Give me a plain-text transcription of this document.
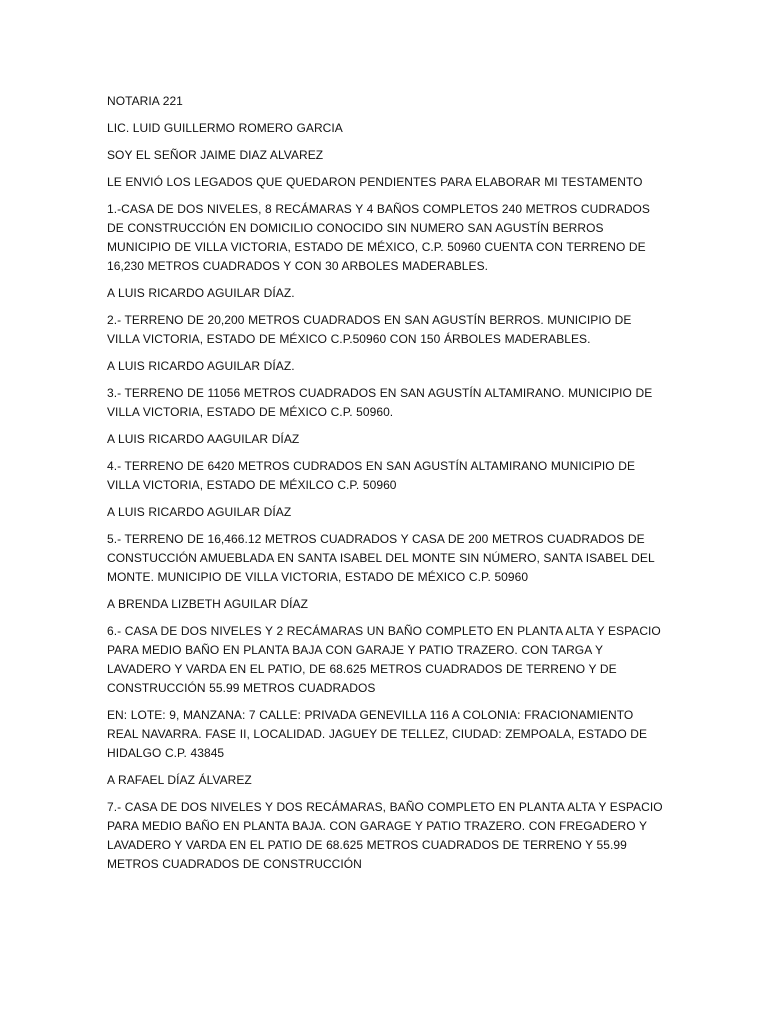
NOTARIA 221

LIC. LUID GUILLERMO ROMERO GARCIA

SOY EL SEÑOR JAIME DIAZ ALVAREZ

LE ENVIÓ LOS LEGADOS QUE QUEDARON PENDIENTES PARA ELABORAR MI TESTAMENTO

1.-CASA DE DOS NIVELES, 8 RECÁMARAS Y 4 BAÑOS COMPLETOS 240 METROS CUDRADOS DE CONSTRUCCIÓN EN DOMICILIO CONOCIDO SIN NUMERO SAN AGUSTÍN BERROS MUNICIPIO DE VILLA VICTORIA, ESTADO DE MÉXICO, C.P. 50960 CUENTA CON TERRENO DE 16,230 METROS CUADRADOS Y CON 30 ARBOLES MADERABLES.

A LUIS RICARDO AGUILAR DÍAZ.

2.- TERRENO DE 20,200 METROS CUADRADOS EN SAN AGUSTÍN BERROS. MUNICIPIO DE VILLA VICTORIA, ESTADO DE MÉXICO C.P.50960 CON 150 ÁRBOLES MADERABLES.

A LUIS RICARDO AGUILAR DÍAZ.

3.- TERRENO DE 11056 METROS CUADRADOS EN SAN AGUSTÍN ALTAMIRANO. MUNICIPIO DE VILLA VICTORIA, ESTADO DE MÉXICO C.P. 50960.

A LUIS RICARDO AAGUILAR DÍAZ

4.- TERRENO DE 6420 METROS CUDRADOS EN SAN AGUSTÍN ALTAMIRANO MUNICIPIO DE VILLA VICTORIA, ESTADO DE MÉXILCO C.P. 50960

A LUIS RICARDO AGUILAR DÍAZ

5.- TERRENO DE 16,466.12 METROS CUADRADOS Y CASA DE 200 METROS CUADRADOS DE CONSTUCCIÓN AMUEBLADA EN SANTA ISABEL DEL MONTE SIN NÚMERO, SANTA ISABEL DEL MONTE. MUNICIPIO DE VILLA VICTORIA, ESTADO DE MÉXICO C.P. 50960

A BRENDA LIZBETH AGUILAR DÍAZ

6.- CASA DE DOS NIVELES Y 2 RECÁMARAS UN BAÑO COMPLETO EN PLANTA ALTA Y ESPACIO PARA MEDIO BAÑO EN PLANTA BAJA CON GARAJE Y PATIO TRAZERO. CON TARGA Y LAVADERO Y VARDA EN EL PATIO, DE 68.625 METROS CUADRADOS DE TERRENO Y DE CONSTRUCCIÓN 55.99 METROS CUADRADOS

EN: LOTE: 9, MANZANA: 7 CALLE: PRIVADA GENEVILLA 116 A COLONIA: FRACIONAMIENTO REAL NAVARRA. FASE II, LOCALIDAD. JAGUEY DE TELLEZ, CIUDAD: ZEMPOALA, ESTADO DE HIDALGO C.P. 43845

A RAFAEL DÍAZ ÁLVAREZ

7.- CASA DE DOS NIVELES Y DOS RECÁMARAS, BAÑO COMPLETO EN PLANTA ALTA Y ESPACIO PARA MEDIO BAÑO EN PLANTA BAJA. CON GARAGE Y PATIO TRAZERO. CON FREGADERO Y LAVADERO Y VARDA EN EL PATIO DE 68.625 METROS CUADRADOS DE TERRENO Y 55.99 METROS CUADRADOS DE CONSTRUCCIÓN
